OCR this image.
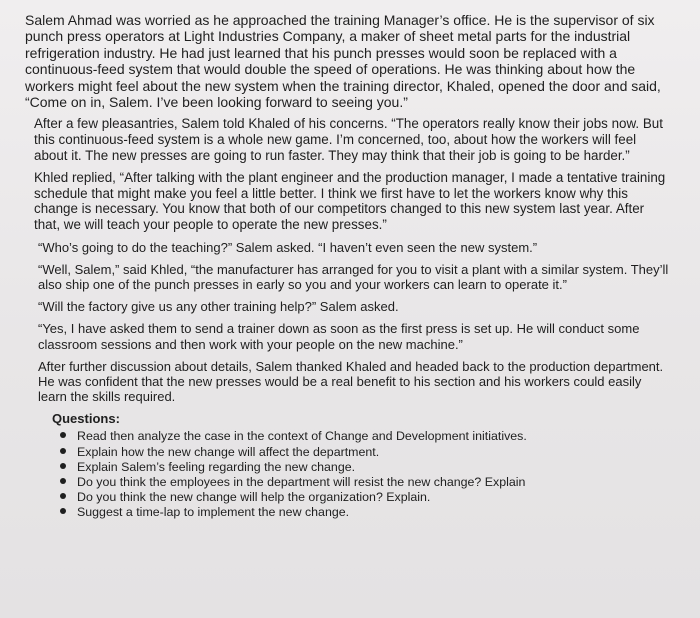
Salem Ahmad was worried as he approached the training Manager’s office. He is the supervisor of six punch press operators at Light Industries Company, a maker of sheet metal parts for the industrial refrigeration industry. He had just learned that his punch presses would soon be replaced with a continuous-feed system that would double the speed of operations. He was thinking about how the workers might feel about the new system when the training director, Khaled, opened the door and said, “Come on in, Salem. I’ve been looking forward to seeing you.”

After a few pleasantries, Salem told Khaled of his concerns. “The operators really know their jobs now. But this continuous-feed system is a whole new game. I’m concerned, too, about how the workers will feel about it. The new presses are going to run faster. They may think that their job is going to be harder.”

Khled replied, “After talking with the plant engineer and the production manager, I made a tentative training schedule that might make you feel a little better. I think we first have to let the workers know why this change is necessary. You know that both of our competitors changed to this new system last year. After that, we will teach your people to operate the new presses.”

“Who’s going to do the teaching?” Salem asked. “I haven’t even seen the new system.”

“Well, Salem,” said Khled, “the manufacturer has arranged for you to visit a plant with a similar system. They’ll also ship one of the punch presses in early so you and your workers can learn to operate it.”

“Will the factory give us any other training help?” Salem asked.

“Yes, I have asked them to send a trainer down as soon as the first press is set up. He will conduct some classroom sessions and then work with your people on the new machine.”

After further discussion about details, Salem thanked Khaled and headed back to the production department. He was confident that the new presses would be a real benefit to his section and his workers could easily learn the skills required.

Questions:
Read then analyze the case in the context of Change and Development initiatives.
Explain how the new change will affect the department.
Explain Salem’s feeling regarding the new change.
Do you think the employees in the department will resist the new change? Explain
Do you think the new change will help the organization? Explain.
Suggest a time-lap to implement the new change.
